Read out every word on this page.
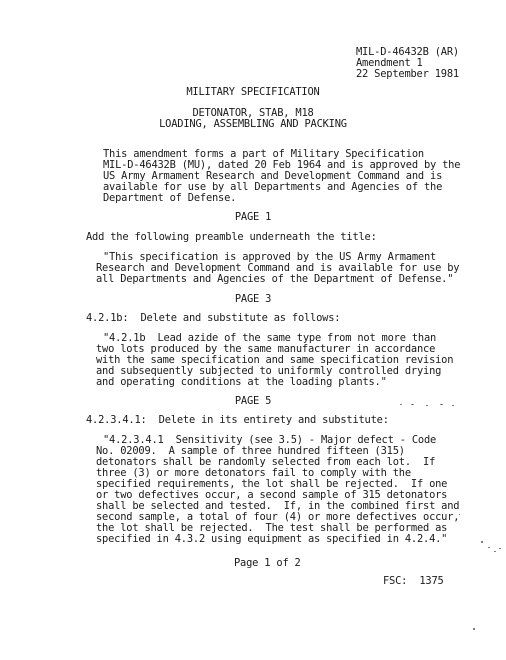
MIL-D-46432B (AR)
Amendment 1
22 September 1981
MILITARY SPECIFICATION
DETONATOR, STAB, M18
LOADING, ASSEMBLING AND PACKING
This amendment forms a part of Military Specification
MIL-D-46432B (MU), dated 20 Feb 1964 and is approved by the
US Army Armament Research and Development Command and is
available for use by all Departments and Agencies of the
Department of Defense.
PAGE 1
Add the following preamble underneath the title:
"This specification is approved by the US Army Armament
Research and Development Command and is available for use by
all Departments and Agencies of the Department of Defense."
PAGE 3
4.2.1b:  Delete and substitute as follows:
"4.2.1b  Lead azide of the same type from not more than
two lots produced by the same manufacturer in accordance
with the same specification and same specification revision
and subsequently subjected to uniformly controlled drying
and operating conditions at the loading plants."
PAGE 5
4.2.3.4.1:  Delete in its entirety and substitute:
"4.2.3.4.1  Sensitivity (see 3.5) - Major defect - Code
No. 02009.  A sample of three hundred fifteen (315)
detonators shall be randomly selected from each lot.  If
three (3) or more detonators fail to comply with the
specified requirements, the lot shall be rejected.  If one
or two defectives occur, a second sample of 315 detonators
shall be selected and tested.  If, in the combined first and
second sample, a total of four (4) or more defectives occur,
the lot shall be rejected.  The test shall be performed as
specified in 4.3.2 using equipment as specified in 4.2.4."
Page 1 of 2
FSC:  1375
